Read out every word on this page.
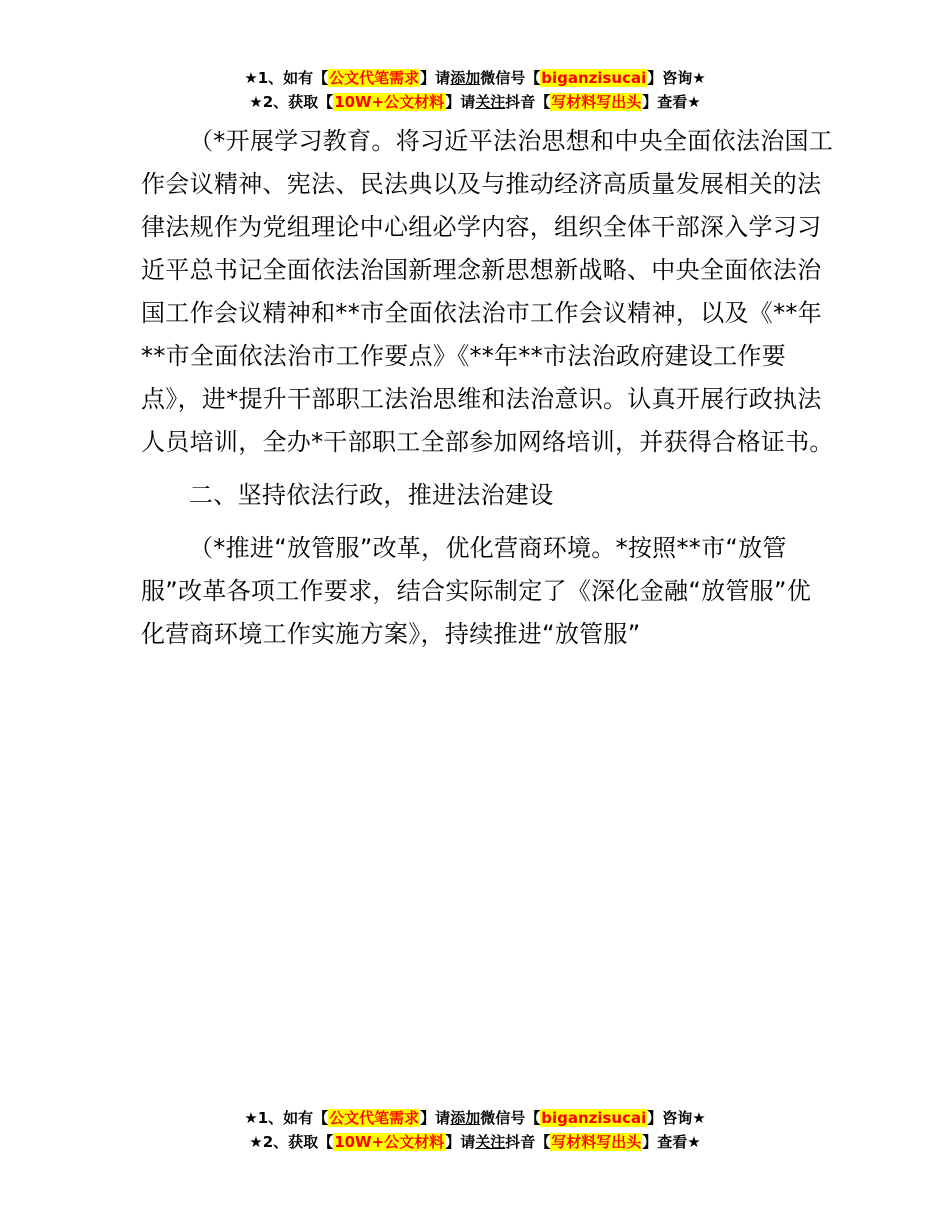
★1、如有【公文代笔需求】请添加微信号【biganzisucai】咨询★
★2、获取【10W+公文材料】请关注抖音【写材料写出头】查看★

（*开展学习教育。将习近平法治思想和中央全面依法治国工作会议精神、宪法、民法典以及与推动经济高质量发展相关的法律法规作为党组理论中心组必学内容，组织全体干部深入学习习近平总书记全面依法治国新理念新思想新战略、中央全面依法治国工作会议精神和**市全面依法治市工作会议精神，以及《**年**市全面依法治市工作要点》《**年**市法治政府建设工作要点》，进*提升干部职工法治思维和法治意识。认真开展行政执法人员培训，全办*干部职工全部参加网络培训，并获得合格证书。

二、坚持依法行政，推进法治建设

（*推进“放管服”改革，优化营商环境。*按照**市“放管服”改革各项工作要求，结合实际制定了《深化金融“放管服”优化营商环境工作实施方案》，持续推进“放管服”

★1、如有【公文代笔需求】请添加微信号【biganzisucai】咨询★
★2、获取【10W+公文材料】请关注抖音【写材料写出头】查看★
